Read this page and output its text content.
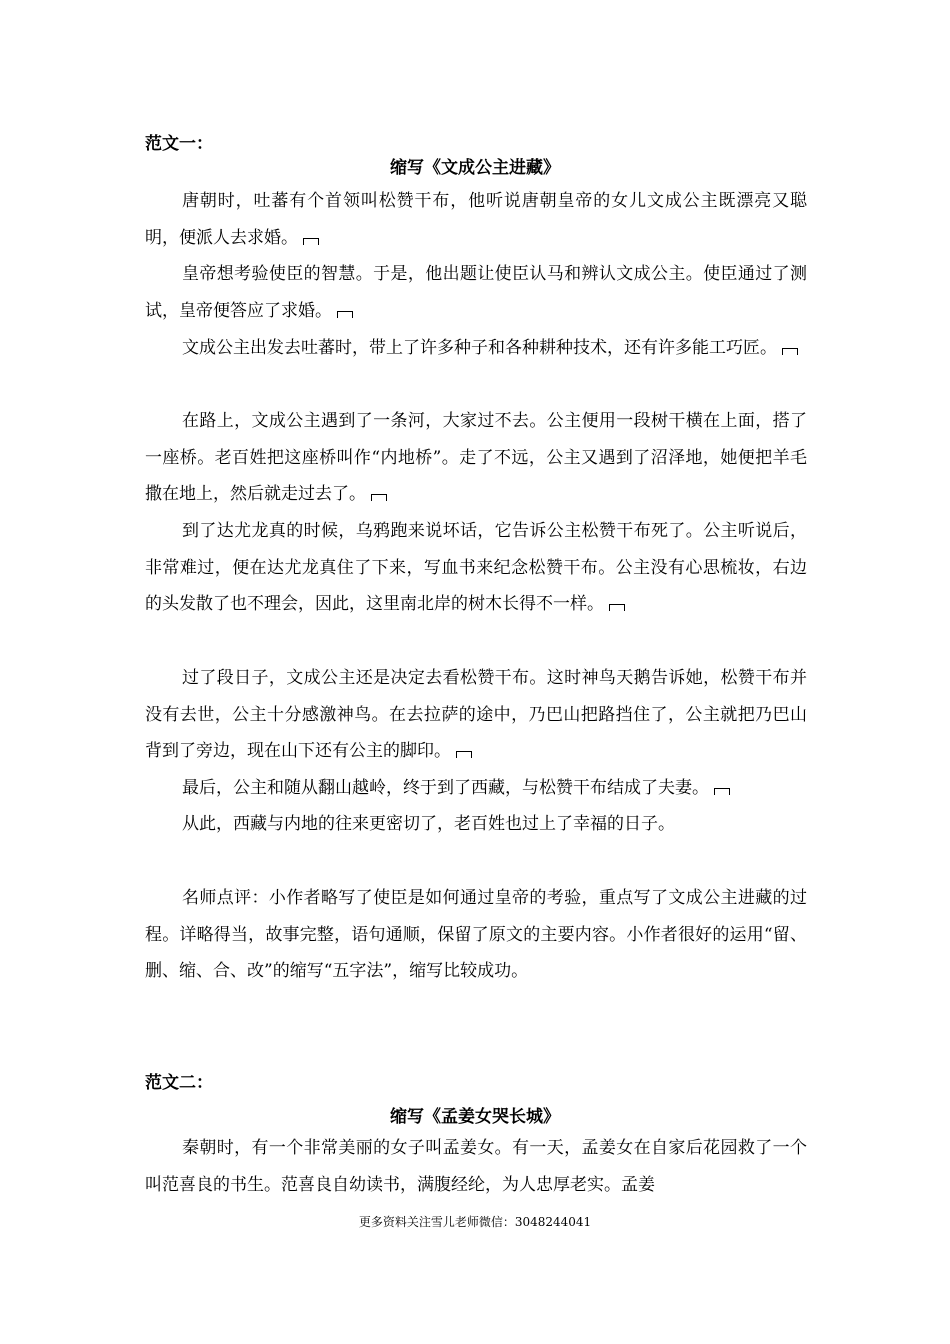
范文一：
缩写《文成公主进藏》
唐朝时，吐蕃有个首领叫松赞干布，他听说唐朝皇帝的女儿文成公主既漂亮又聪明，便派人去求婚。
皇帝想考验使臣的智慧。于是，他出题让使臣认马和辨认文成公主。使臣通过了测试，皇帝便答应了求婚。
文成公主出发去吐蕃时，带上了许多种子和各种耕种技术，还有许多能工巧匠。
在路上，文成公主遇到了一条河，大家过不去。公主便用一段树干横在上面，搭了一座桥。老百姓把这座桥叫作“内地桥”。走了不远，公主又遇到了沼泽地，她便把羊毛撒在地上，然后就走过去了。
到了达尤龙真的时候，乌鸦跑来说坏话，它告诉公主松赞干布死了。公主听说后，非常难过，便在达尤龙真住了下来，写血书来纪念松赞干布。公主没有心思梳妆，右边的头发散了也不理会，因此，这里南北岸的树木长得不一样。
过了段日子，文成公主还是决定去看松赞干布。这时神鸟天鹅告诉她，松赞干布并没有去世，公主十分感激神鸟。在去拉萨的途中，乃巴山把路挡住了，公主就把乃巴山背到了旁边，现在山下还有公主的脚印。
最后，公主和随从翻山越岭，终于到了西藏，与松赞干布结成了夫妻。
从此，西藏与内地的往来更密切了，老百姓也过上了幸福的日子。
名师点评：小作者略写了使臣是如何通过皇帝的考验，重点写了文成公主进藏的过程。详略得当，故事完整，语句通顺，保留了原文的主要内容。小作者很好的运用“留、删、缩、合、改”的缩写“五字法”，缩写比较成功。
范文二：
缩写《孟姜女哭长城》
秦朝时，有一个非常美丽的女子叫孟姜女。有一天，孟姜女在自家后花园救了一个叫范喜良的书生。范喜良自幼读书，满腹经纶，为人忠厚老实。孟姜
更多资料关注雪儿老师微信：3048244041
